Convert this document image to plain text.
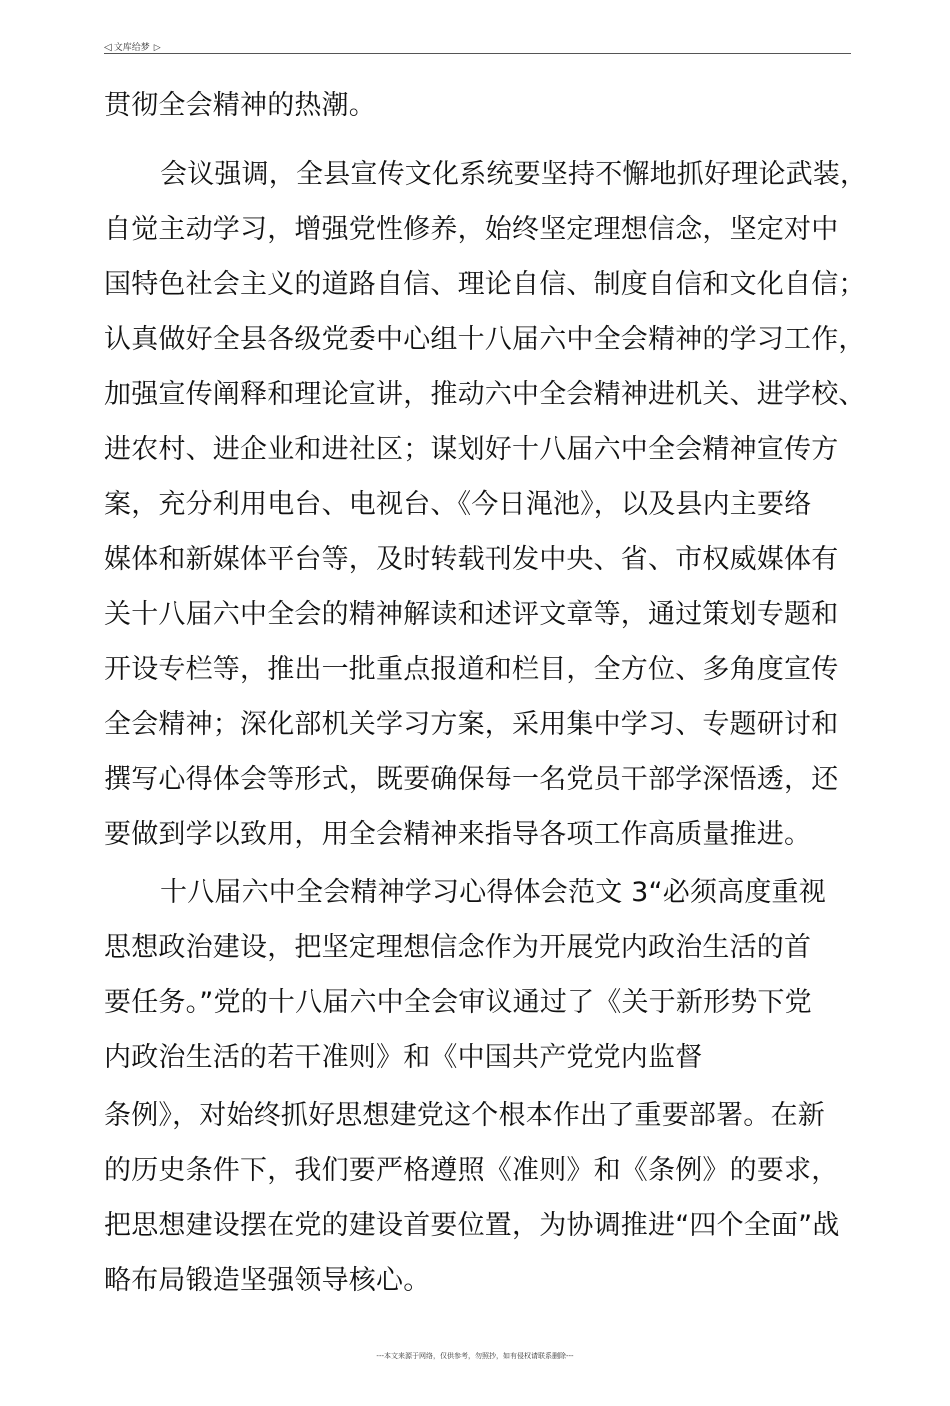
◁ 文库给梦 ▷
贯彻全会精神的热潮。
会议强调，全县宣传文化系统要坚持不懈地抓好理论武装，
自觉主动学习，增强党性修养，始终坚定理想信念，坚定对中
国特色社会主义的道路自信、理论自信、制度自信和文化自信；
认真做好全县各级党委中心组十八届六中全会精神的学习工作，
加强宣传阐释和理论宣讲，推动六中全会精神进机关、进学校、
进农村、进企业和进社区；谋划好十八届六中全会精神宣传方
案，充分利用电台、电视台、《今日渑池》，以及县内主要络
媒体和新媒体平台等，及时转载刊发中央、省、市权威媒体有
关十八届六中全会的精神解读和述评文章等，通过策划专题和
开设专栏等，推出一批重点报道和栏目，全方位、多角度宣传
全会精神；深化部机关学习方案，采用集中学习、专题研讨和
撰写心得体会等形式，既要确保每一名党员干部学深悟透，还
要做到学以致用，用全会精神来指导各项工作高质量推进。
十八届六中全会精神学习心得体会范文 3“必须高度重视
思想政治建设，把坚定理想信念作为开展党内政治生活的首
要任务。”党的十八届六中全会审议通过了《关于新形势下党
内政治生活的若干准则》和《中国共产党党内监督
条例》，对始终抓好思想建党这个根本作出了重要部署。在新
的历史条件下，我们要严格遵照《准则》和《条例》的要求，
把思想建设摆在党的建设首要位置，为协调推进“四个全面”战
略布局锻造坚强领导核心。
---本文来源于网络，仅供参考，勿照抄，如有侵权请联系删除---
